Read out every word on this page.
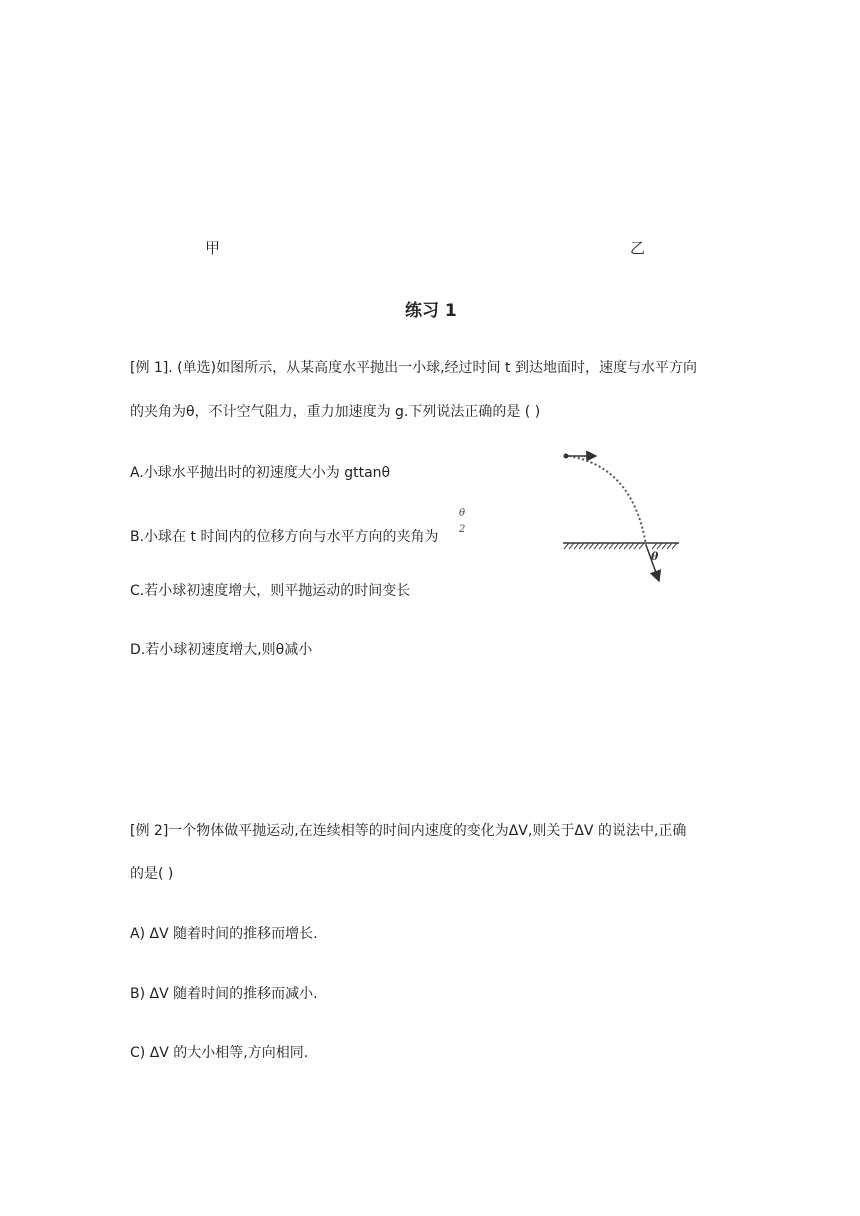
甲	乙
练习 1
[例 1]. (单选)如图所示，从某高度水平抛出一小球,经过时间 t 到达地面时，速度与水平方向
的夹角为θ，不计空气阻力，重力加速度为 g.下列说法正确的是 ( )
A.小球水平抛出时的初速度大小为 gttanθ
B.小球在 t 时间内的位移方向与水平方向的夹角为
θ
2
C.若小球初速度增大，则平抛运动的时间变长
D.若小球初速度增大,则θ减小
θ
[例 2]一个物体做平抛运动,在连续相等的时间内速度的变化为ΔV,则关于ΔV 的说法中,正确
的是( )
A) ΔV 随着时间的推移而增长.
B) ΔV 随着时间的推移而减小.
C) ΔV 的大小相等,方向相同.
